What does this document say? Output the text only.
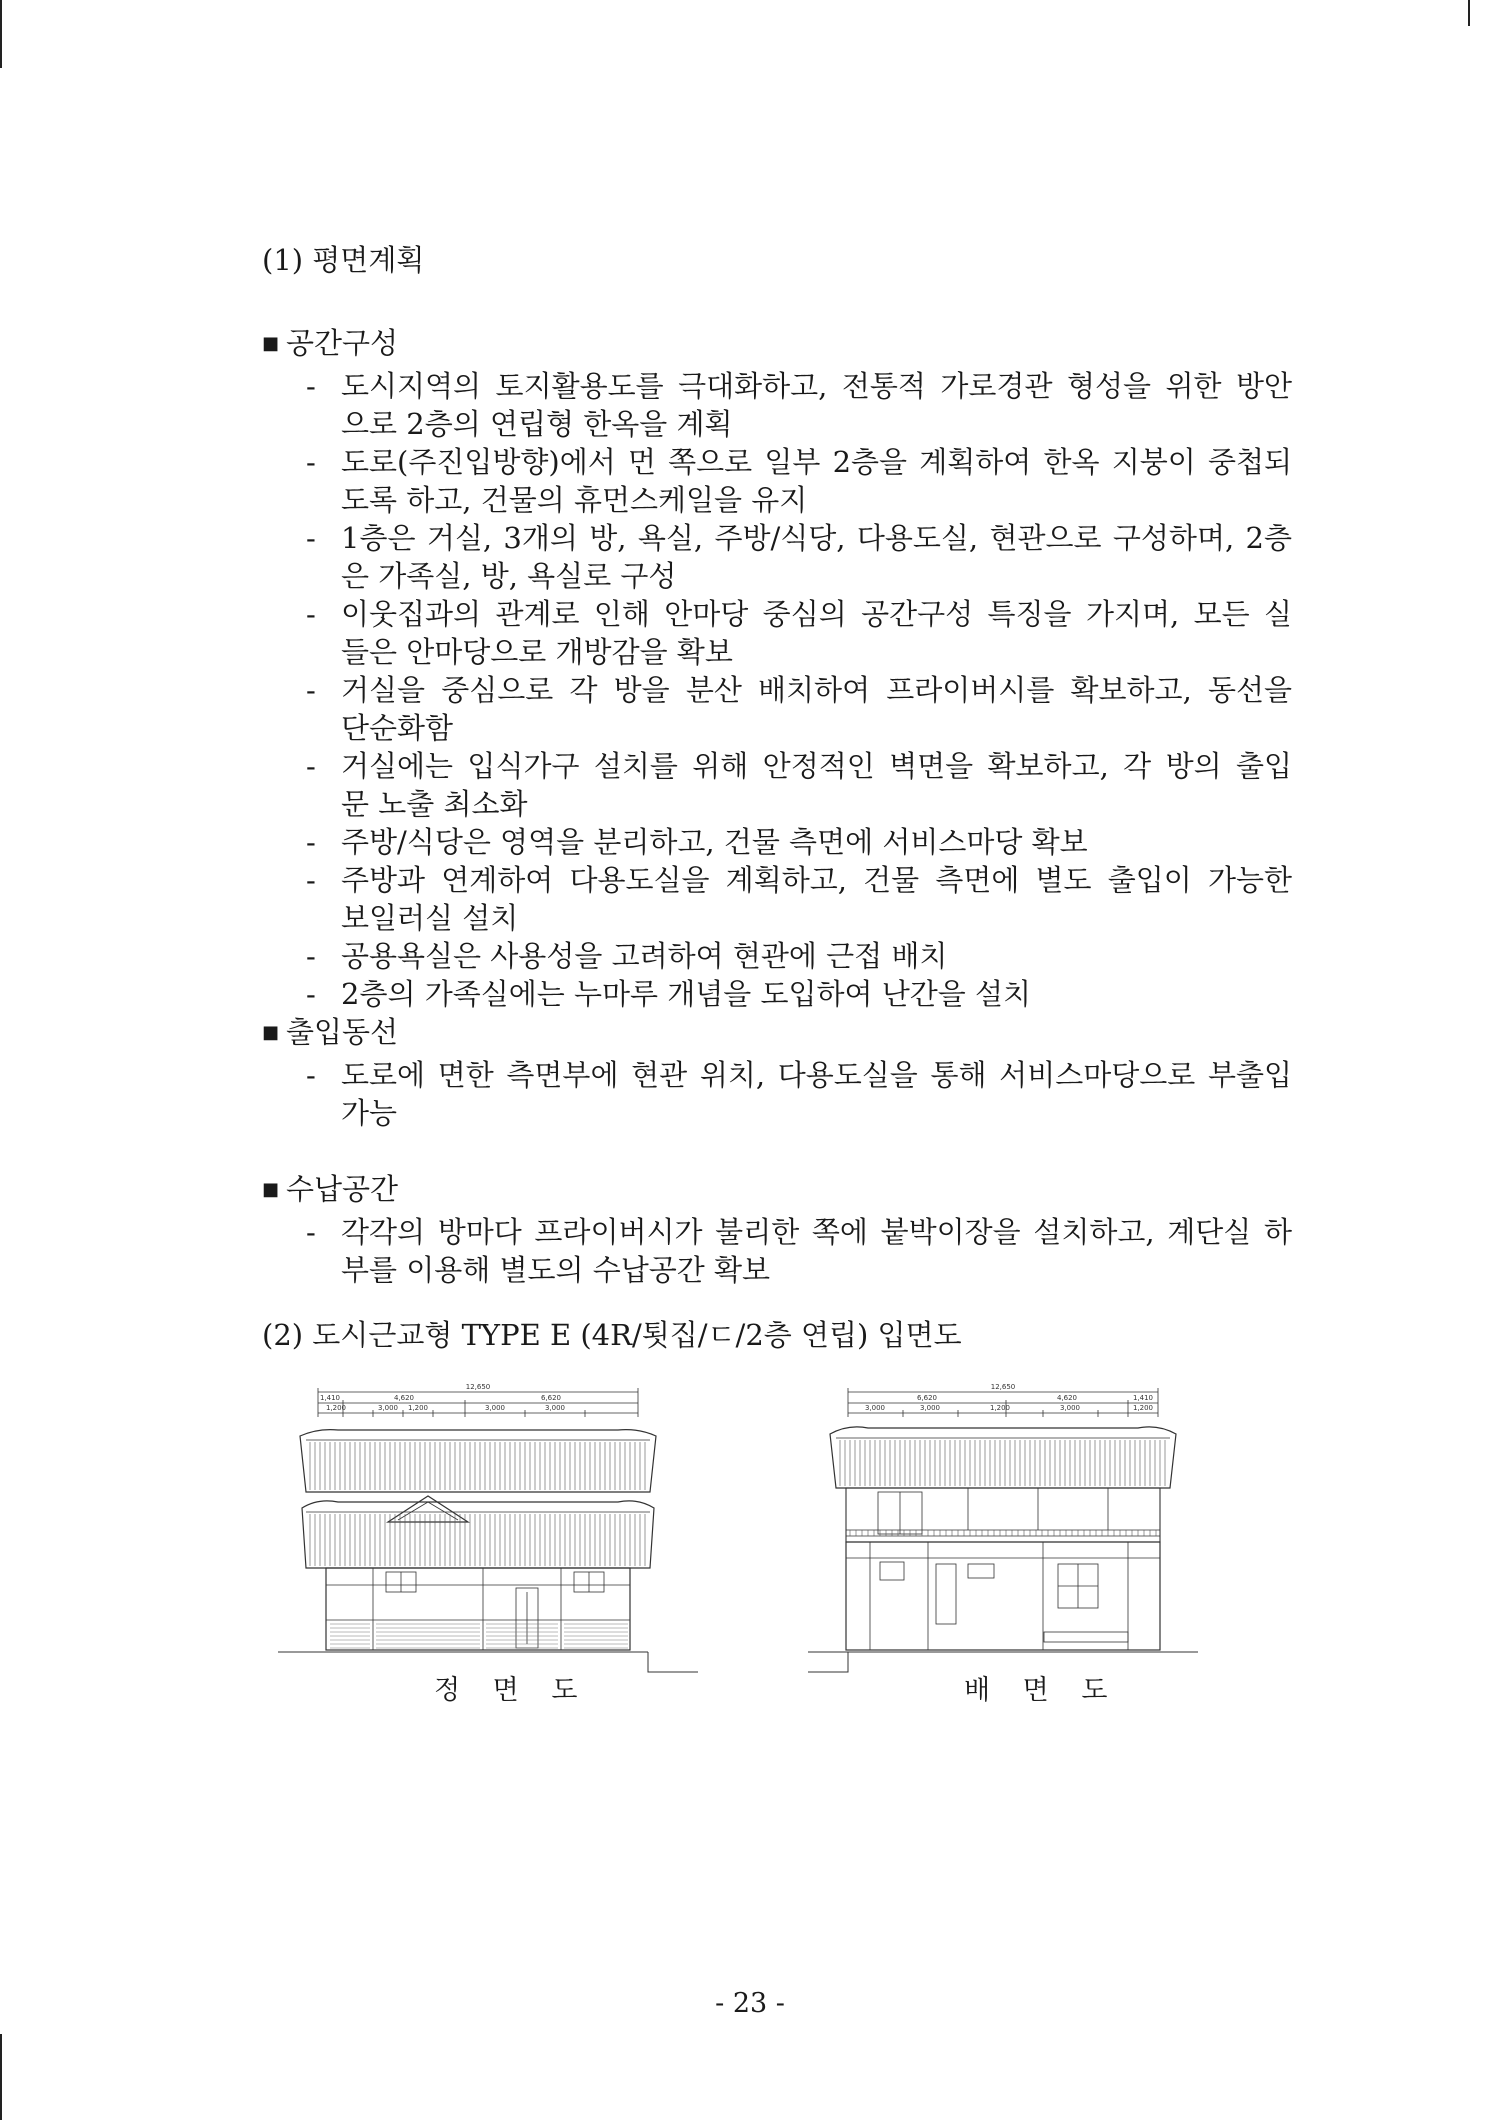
(1) 평면계획

■ 공간구성

- 도시지역의 토지활용도를 극대화하고, 전통적 가로경관 형성을 위한 방안

으로 2층의 연립형 한옥을 계획

- 도로(주진입방향)에서 먼 쪽으로 일부 2층을 계획하여 한옥 지붕이 중첩되

도록 하고, 건물의 휴먼스케일을 유지

- 1층은 거실, 3개의 방, 욕실, 주방/식당, 다용도실, 현관으로 구성하며, 2층

은 가족실, 방, 욕실로 구성

- 이웃집과의 관계로 인해 안마당 중심의 공간구성 특징을 가지며, 모든 실

들은 안마당으로 개방감을 확보

- 거실을 중심으로 각 방을 분산 배치하여 프라이버시를 확보하고, 동선을

단순화함

- 거실에는 입식가구 설치를 위해 안정적인 벽면을 확보하고, 각 방의 출입

문 노출 최소화

- 주방/식당은 영역을 분리하고, 건물 측면에 서비스마당 확보

- 주방과 연계하여 다용도실을 계획하고, 건물 측면에 별도 출입이 가능한

보일러실 설치

- 공용욕실은 사용성을 고려하여 현관에 근접 배치

- 2층의 가족실에는 누마루 개념을 도입하여 난간을 설치

■ 출입동선

- 도로에 면한 측면부에 현관 위치, 다용도실을 통해 서비스마당으로 부출입 가능

■ 수납공간

- 각각의 방마다 프라이버시가 불리한 쪽에 붙박이장을 설치하고, 계단실 하

부를 이용해 별도의 수납공간 확보

(2) 도시근교형 TYPE E (4R/툇집/ㄷ/2층 연립) 입면도
12,650
1,410	4,620	6,620
1,200	3,000 1,200	3,000	3,000
12,650
6,620	4,620	1,410
3,000	3,000	1,200	3,000	1,200
정 면 도	배 면 도
- 23 -
